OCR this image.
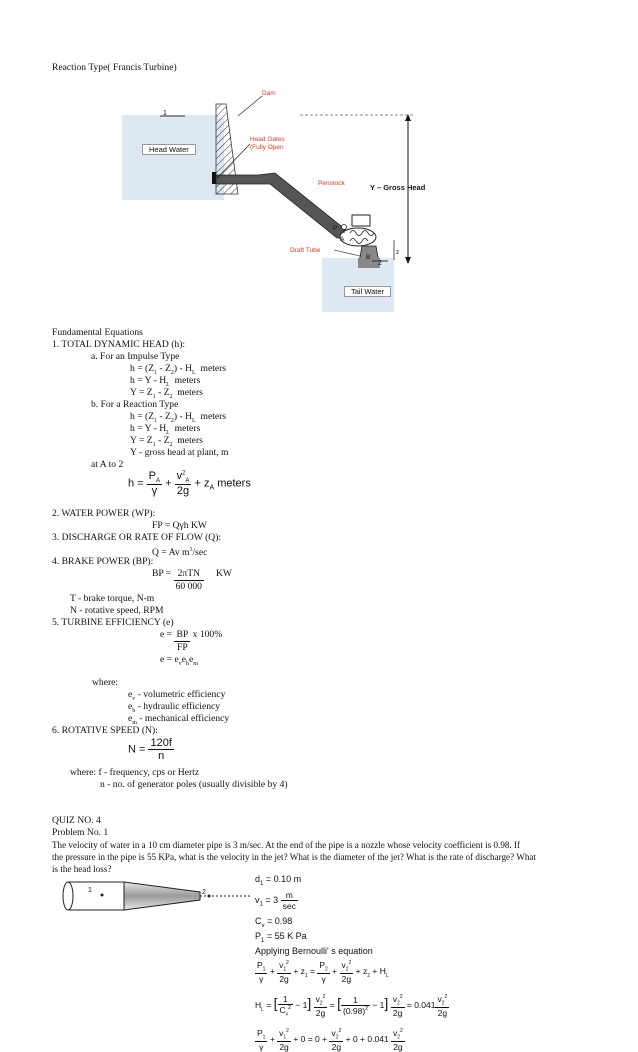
Reaction Type( Francis Turbine)
Dam
1
Head Water
Head Gates
(Fully Open
Penstock	Y – Gross Head
P
A
B
z
Draft Tube
2
Tail Water
Fundamental Equations
1. TOTAL DYNAMIC HEAD (h):
a. For an Impulse Type
$h = (Z_1 - Z_2) - H_L$  meters
$h = Y - H_L$  meters
$Y = Z_1 - Z_2$  meters
b. For a Reaction Type
$h = (Z_1 - Z_2) - H_L$  meters
$h = Y - H_L$  meters
$Y = Z_1 - Z_2$  meters
Y - gross head at plant, m
at A to 2
$h = \frac{P_A}{\gamma} + \frac{v^2_A}{2g} + z_A$ meters
2. WATER POWER (WP):
FP = Qγh KW
3. DISCHARGE OR RATE OF FLOW (Q):
Q = Av $m^3/\sec$
4. BRAKE POWER (BP):
BP = $\frac{\text{2πTN}}{60 000}$ KW
T - brake torque, N-m
N - rotative speed, RPM
5. TURBINE EFFICIENCY (e)
$e = \frac{BP}{FP}$ x 100%
$e = e_ve_he_m$
where:
$e_v$ - volumetric efficiency
$e_h$ - hydraulic efficiency
$e_m$ - mechanical efficiency
6. ROTATIVE SPEED (N):
$N = \frac{120f}{n}$
where: f - frequency, cps or Hertz
n - no. of generator poles (usually divisible by 4)
QUIZ NO. 4
Problem No. 1
The velocity of water in a 10 cm diameter pipe is 3 m/sec. At the end of the pipe is a nozzle whose velocity coefficient is 0.98. If
the pressure in the pipe is 55 KPa, what is the velocity in the jet? What is the diameter of the jet? What is the rate of discharge? What
is the head loss?
1	2
$d_1 = 0.10$ m
$v_1 = 3 \frac{m}{\sec}$
$C_v = 0.98$
$P_1 = 55$ K Pa
Applying Bernoulli' s equation
$\frac{P_1}{\gamma} + \frac{v_1^2}{2g} + z_1 = \frac{P_2}{\gamma} + \frac{v_2^2}{2g} + z_2 + H_L$
$H_L$ = [ $\frac{1}{C_v^2} - 1] \frac{v_2^2}{2g}$ = [ $\frac{1}{(0.98)^2} - 1] \frac{v_2^2}{2g} = 0.041 \frac{v_2^2}{2g}$
$\frac{P_1}{\gamma} + \frac{v_1^2}{2g} + 0 = 0 + \frac{v_2^2}{2g} + 0 + 0.041 \frac{v_2^2}{2g}$
